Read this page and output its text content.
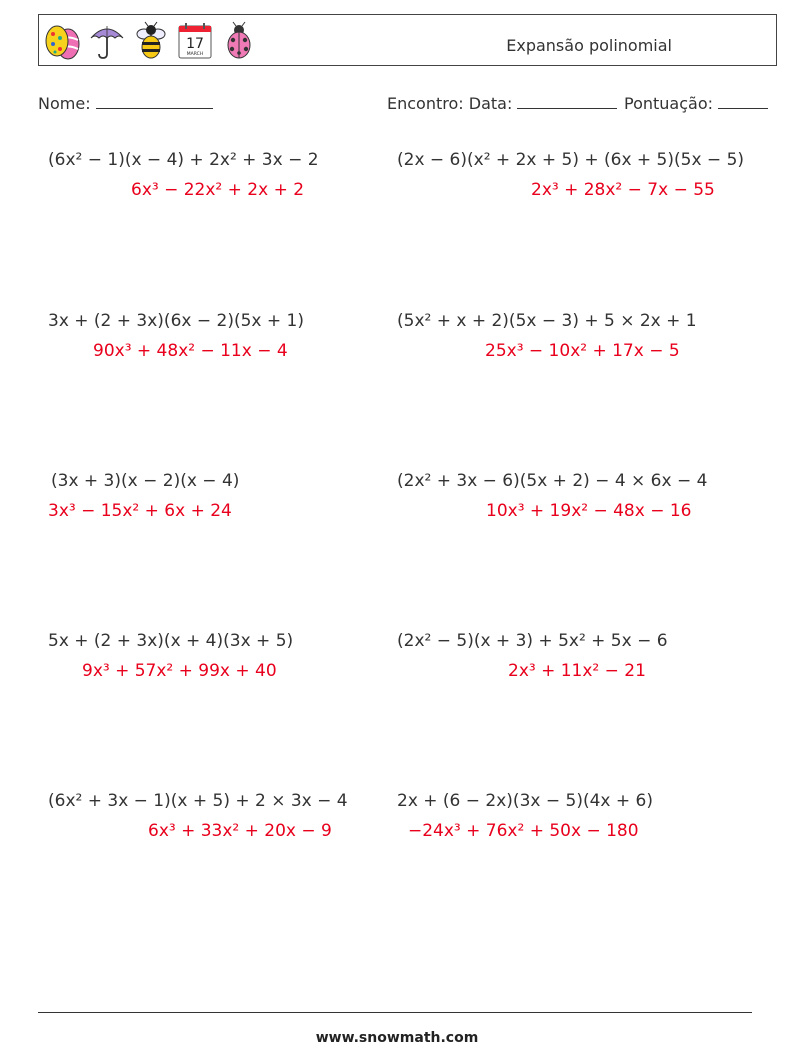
17
MARCH	Expansão polinomial
Nome:	Encontro: Data:	Pontuação:
(6x² − 1)(x − 4) + 2x² + 3x − 2
6x³ − 22x² + 2x + 2
3x + (2 + 3x)(6x − 2)(5x + 1)
90x³ + 48x² − 11x − 4
(3x + 3)(x − 2)(x − 4)
3x³ − 15x² + 6x + 24
5x + (2 + 3x)(x + 4)(3x + 5)
9x³ + 57x² + 99x + 40
(6x² + 3x − 1)(x + 5) + 2 × 3x − 4
6x³ + 33x² + 20x − 9
(2x − 6)(x² + 2x + 5) + (6x + 5)(5x − 5)
2x³ + 28x² − 7x − 55
(5x² + x + 2)(5x − 3) + 5 × 2x + 1
25x³ − 10x² + 17x − 5
(2x² + 3x − 6)(5x + 2) − 4 × 6x − 4
10x³ + 19x² − 48x − 16
(2x² − 5)(x + 3) + 5x² + 5x − 6
2x³ + 11x² − 21
2x + (6 − 2x)(3x − 5)(4x + 6)
−24x³ + 76x² + 50x − 180
www.snowmath.com
